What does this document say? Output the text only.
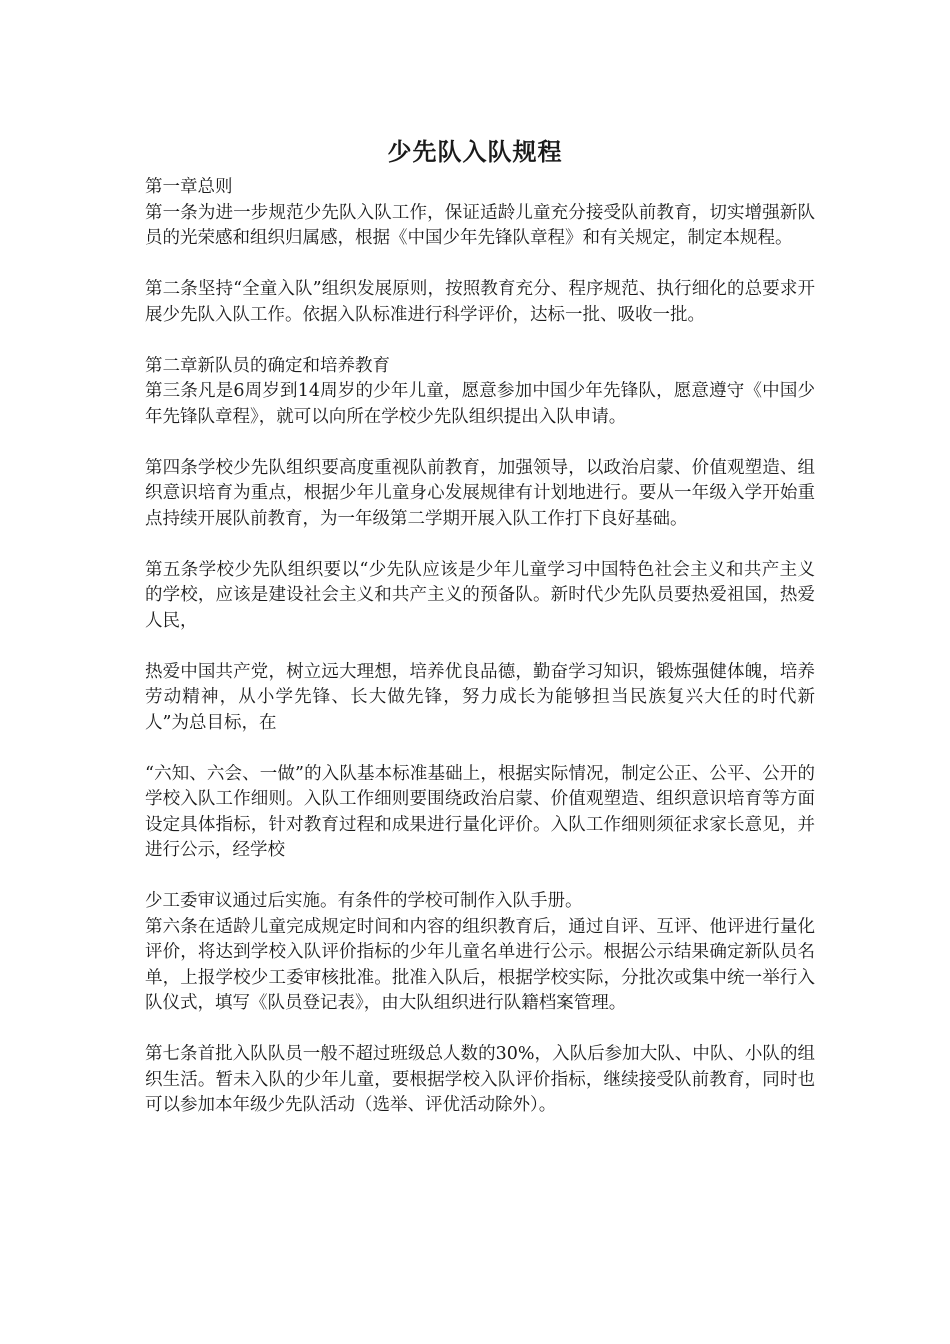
少先队入队规程

第一章总则

第一条为进一步规范少先队入队工作，保证适龄儿童充分接受队前教育，切实增强新队员的光荣感和组织归属感，根据《中国少年先锋队章程》和有关规定，制定本规程。

第二条坚持“全童入队”组织发展原则，按照教育充分、程序规范、执行细化的总要求开展少先队入队工作。依据入队标准进行科学评价，达标一批、吸收一批。

第二章新队员的确定和培养教育

第三条凡是6周岁到14周岁的少年儿童，愿意参加中国少年先锋队，愿意遵守《中国少年先锋队章程》，就可以向所在学校少先队组织提出入队申请。

第四条学校少先队组织要高度重视队前教育，加强领导，以政治启蒙、价值观塑造、组织意识培育为重点，根据少年儿童身心发展规律有计划地进行。要从一年级入学开始重点持续开展队前教育，为一年级第二学期开展入队工作打下良好基础。

第五条学校少先队组织要以“少先队应该是少年儿童学习中国特色社会主义和共产主义的学校，应该是建设社会主义和共产主义的预备队。新时代少先队员要热爱祖国，热爱人民，

热爱中国共产党，树立远大理想，培养优良品德，勤奋学习知识，锻炼强健体魄，培养劳动精神，从小学先锋、长大做先锋，努力成长为能够担当民族复兴大任的时代新人”为总目标，在

“六知、六会、一做”的入队基本标准基础上，根据实际情况，制定公正、公平、公开的学校入队工作细则。入队工作细则要围绕政治启蒙、价值观塑造、组织意识培育等方面设定具体指标，针对教育过程和成果进行量化评价。入队工作细则须征求家长意见，并进行公示，经学校

少工委审议通过后实施。有条件的学校可制作入队手册。

第六条在适龄儿童完成规定时间和内容的组织教育后，通过自评、互评、他评进行量化评价，将达到学校入队评价指标的少年儿童名单进行公示。根据公示结果确定新队员名单，上报学校少工委审核批准。批准入队后，根据学校实际，分批次或集中统一举行入队仪式，填写《队员登记表》，由大队组织进行队籍档案管理。

第七条首批入队队员一般不超过班级总人数的30%，入队后参加大队、中队、小队的组织生活。暂未入队的少年儿童，要根据学校入队评价指标，继续接受队前教育，同时也可以参加本年级少先队活动（选举、评优活动除外）。
